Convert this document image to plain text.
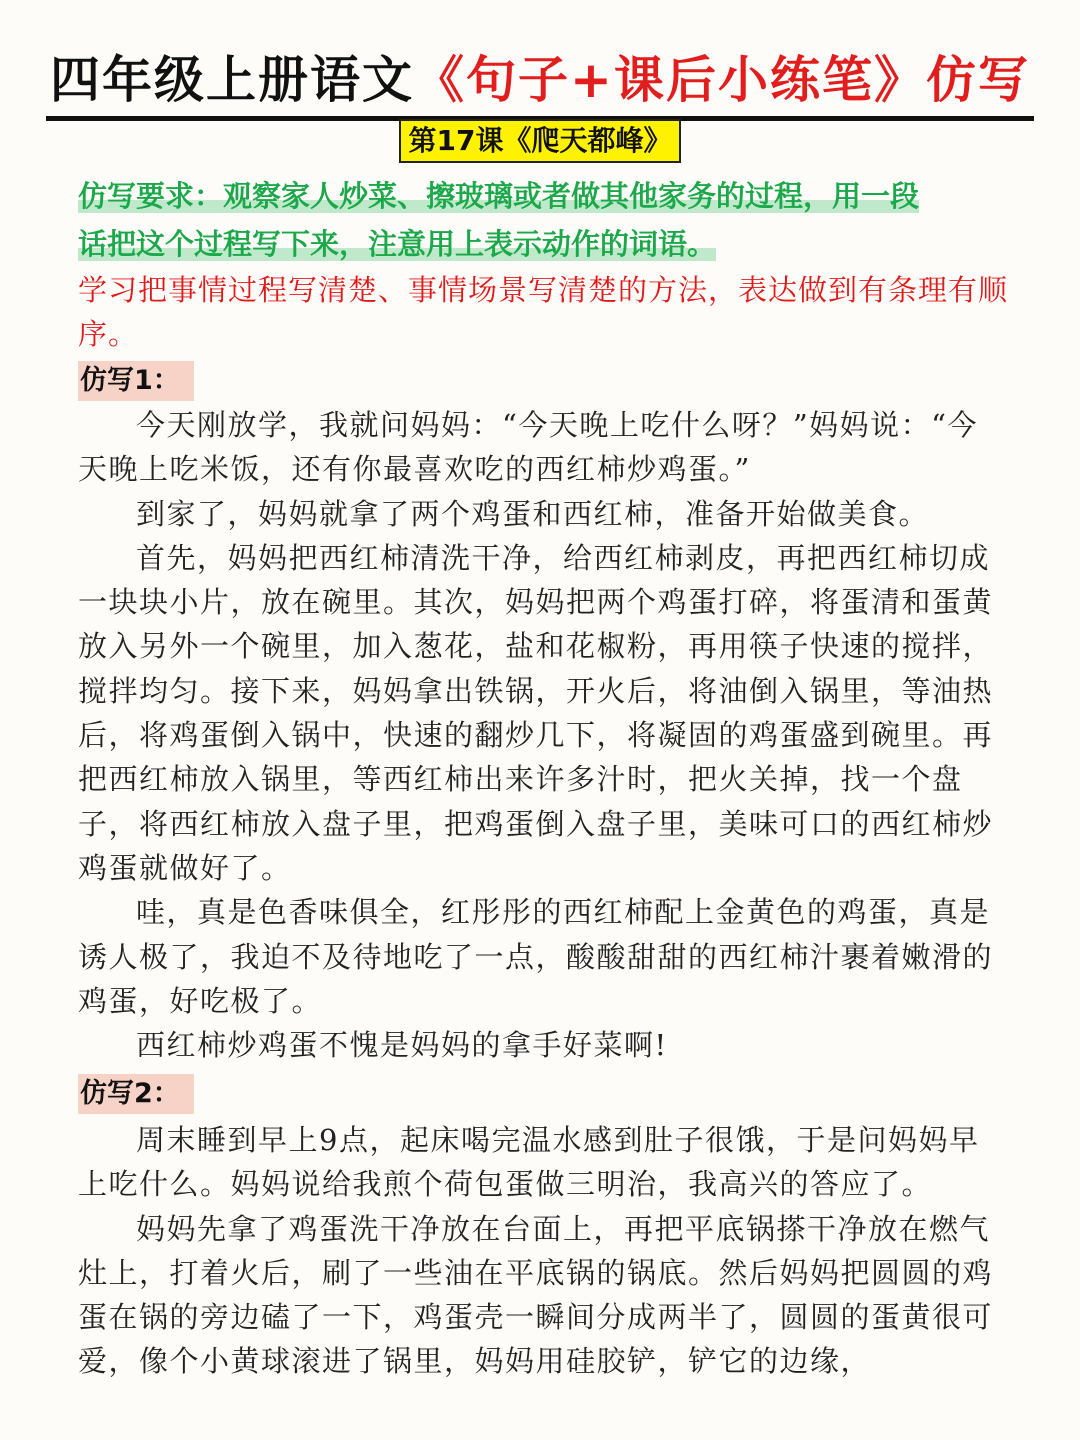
四年级上册语文《句子+课后小练笔》仿写
第17课《爬天都峰》
仿写要求：观察家人炒菜、擦玻璃或者做其他家务的过程，用一段
话把这个过程写下来，注意用上表示动作的词语。
学习把事情过程写清楚、事情场景写清楚的方法，表达做到有条理有顺序。
仿写1：

今天刚放学，我就问妈妈：“今天晚上吃什么呀？”妈妈说：“今天晚上吃米饭，还有你最喜欢吃的西红柿炒鸡蛋。”

到家了，妈妈就拿了两个鸡蛋和西红柿，准备开始做美食。

首先，妈妈把西红柿清洗干净，给西红柿剥皮，再把西红柿切成一块块小片，放在碗里。其次，妈妈把两个鸡蛋打碎，将蛋清和蛋黄放入另外一个碗里，加入葱花，盐和花椒粉，再用筷子快速的搅拌，搅拌均匀。接下来，妈妈拿出铁锅，开火后，将油倒入锅里，等油热后，将鸡蛋倒入锅中，快速的翻炒几下，将凝固的鸡蛋盛到碗里。再把西红柿放入锅里，等西红柿出来许多汁时，把火关掉，找一个盘子，将西红柿放入盘子里，把鸡蛋倒入盘子里，美味可口的西红柿炒鸡蛋就做好了。

哇，真是色香味俱全，红彤彤的西红柿配上金黄色的鸡蛋，真是诱人极了，我迫不及待地吃了一点，酸酸甜甜的西红柿汁裹着嫩滑的鸡蛋，好吃极了。

西红柿炒鸡蛋不愧是妈妈的拿手好菜啊!

仿写2：

周末睡到早上9点，起床喝完温水感到肚子很饿，于是问妈妈早上吃什么。妈妈说给我煎个荷包蛋做三明治，我高兴的答应了。

妈妈先拿了鸡蛋洗干净放在台面上，再把平底锅搽干净放在燃气灶上，打着火后，刷了一些油在平底锅的锅底。然后妈妈把圆圆的鸡蛋在锅的旁边磕了一下，鸡蛋壳一瞬间分成两半了，圆圆的蛋黄很可爱，像个小黄球滚进了锅里，妈妈用硅胶铲，铲它的边缘，
